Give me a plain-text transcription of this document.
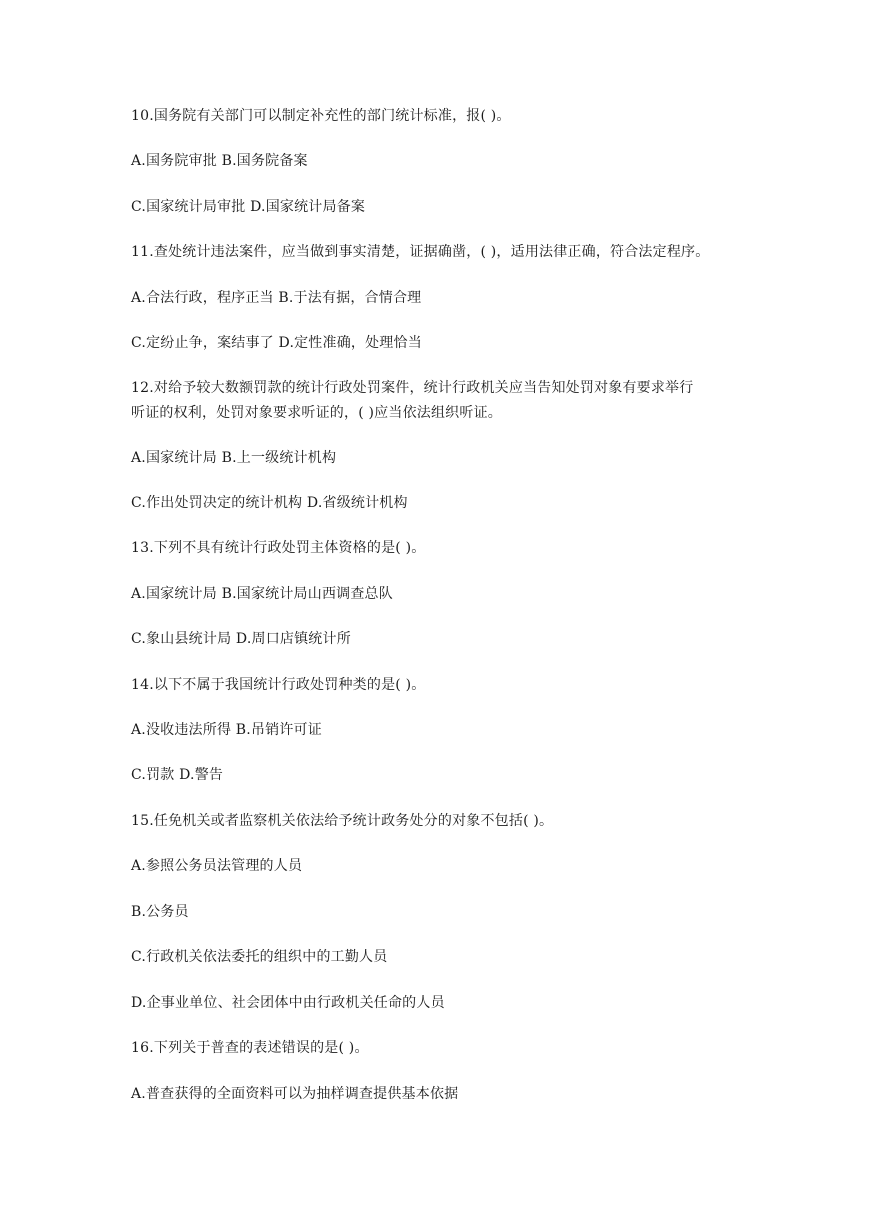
10.国务院有关部门可以制定补充性的部门统计标准，报( )。
A.国务院审批 B.国务院备案
C.国家统计局审批 D.国家统计局备案
11.查处统计违法案件，应当做到事实清楚，证据确凿，( )，适用法律正确，符合法定程序。
A.合法行政，程序正当 B.于法有据，合情合理
C.定纷止争，案结事了 D.定性准确，处理恰当
12.对给予较大数额罚款的统计行政处罚案件，统计行政机关应当告知处罚对象有要求举行
听证的权利，处罚对象要求听证的，( )应当依法组织听证。
A.国家统计局 B.上一级统计机构
C.作出处罚决定的统计机构 D.省级统计机构
13.下列不具有统计行政处罚主体资格的是( )。
A.国家统计局 B.国家统计局山西调查总队
C.象山县统计局 D.周口店镇统计所
14.以下不属于我国统计行政处罚种类的是( )。
A.没收违法所得 B.吊销许可证
C.罚款 D.警告
15.任免机关或者监察机关依法给予统计政务处分的对象不包括( )。
A.参照公务员法管理的人员
B.公务员
C.行政机关依法委托的组织中的工勤人员
D.企事业单位、社会团体中由行政机关任命的人员
16.下列关于普查的表述错误的是( )。
A.普查获得的全面资料可以为抽样调查提供基本依据
